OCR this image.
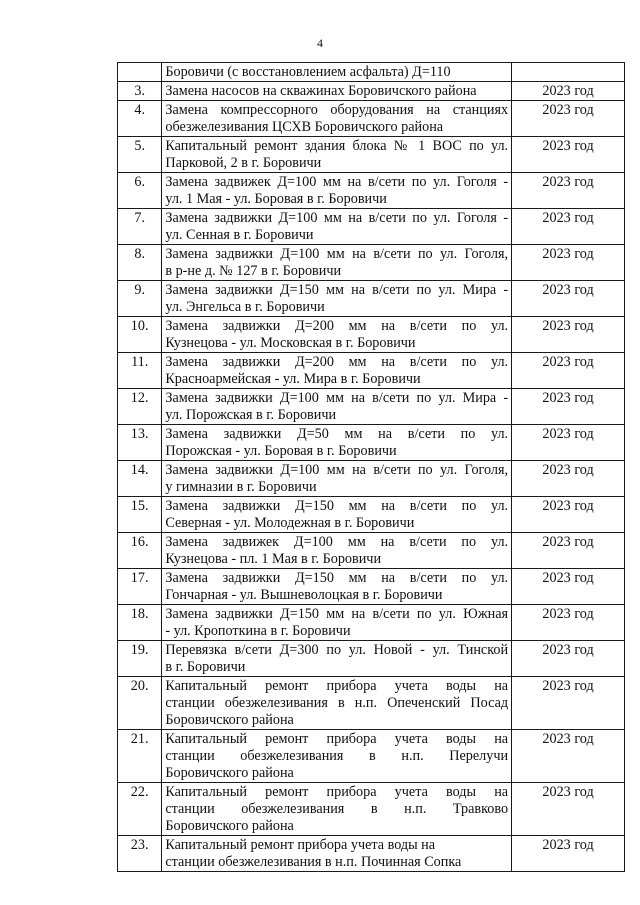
4

	Боровичи (с восстановлением асфальта) Д=110	

3.	Замена насосов на скважинах Боровичского района	2023 год
4.	Замена компрессорного оборудования на станциях
обезжелезивания ЦСХВ Боровичского района	2023 год
5.	Капитальный ремонт здания блока № 1 ВОС по ул.
Парковой, 2 в г. Боровичи	2023 год
6.	Замена задвижек Д=100 мм на в/сети по ул. Гоголя -
ул. 1 Мая - ул. Боровая в г. Боровичи	2023 год
7.	Замена задвижки Д=100 мм на в/сети по ул. Гоголя -
ул. Сенная в г. Боровичи	2023 год
8.	Замена задвижки Д=100 мм на в/сети по ул. Гоголя,
в р-не д. № 127 в г. Боровичи	2023 год
9.	Замена задвижки Д=150 мм на в/сети по ул. Мира -
ул. Энгельса в г. Боровичи	2023 год
10.	Замена задвижки Д=200 мм на в/сети по ул.
Кузнецова - ул. Московская в г. Боровичи	2023 год
11.	Замена задвижки Д=200 мм на в/сети по ул.
Красноармейская - ул. Мира в г. Боровичи	2023 год
12.	Замена задвижки Д=100 мм на в/сети по ул. Мира -
ул. Порожская в г. Боровичи	2023 год
13.	Замена задвижки Д=50 мм на в/сети по ул.
Порожская - ул. Боровая в г. Боровичи	2023 год
14.	Замена задвижки Д=100 мм на в/сети по ул. Гоголя,
у гимназии в г. Боровичи	2023 год
15.	Замена задвижки Д=150 мм на в/сети по ул.
Северная - ул. Молодежная в г. Боровичи	2023 год
16.	Замена задвижек Д=100 мм на в/сети по ул.
Кузнецова - пл. 1 Мая в г. Боровичи	2023 год
17.	Замена задвижки Д=150 мм на в/сети по ул.
Гончарная - ул. Вышневолоцкая в г. Боровичи	2023 год
18.	Замена задвижки Д=150 мм на в/сети по ул. Южная
- ул. Кропоткина в г. Боровичи	2023 год
19.	Перевязка в/сети Д=300 по ул. Новой - ул. Тинской
в г. Боровичи	2023 год
20.	Капитальный ремонт прибора учета воды на
станции обезжелезивания в н.п. Опеченский Посад
Боровичского района	2023 год
21.	Капитальный ремонт прибора учета воды на
станции обезжелезивания в н.п. Перелучи
Боровичского района	2023 год
22.	Капитальный ремонт прибора учета воды на
станции обезжелезивания в н.п. Травково
Боровичского района	2023 год
23.	Капитальный ремонт прибора учета воды на
станции обезжелезивания в н.п. Починная Сопка	2023 год
